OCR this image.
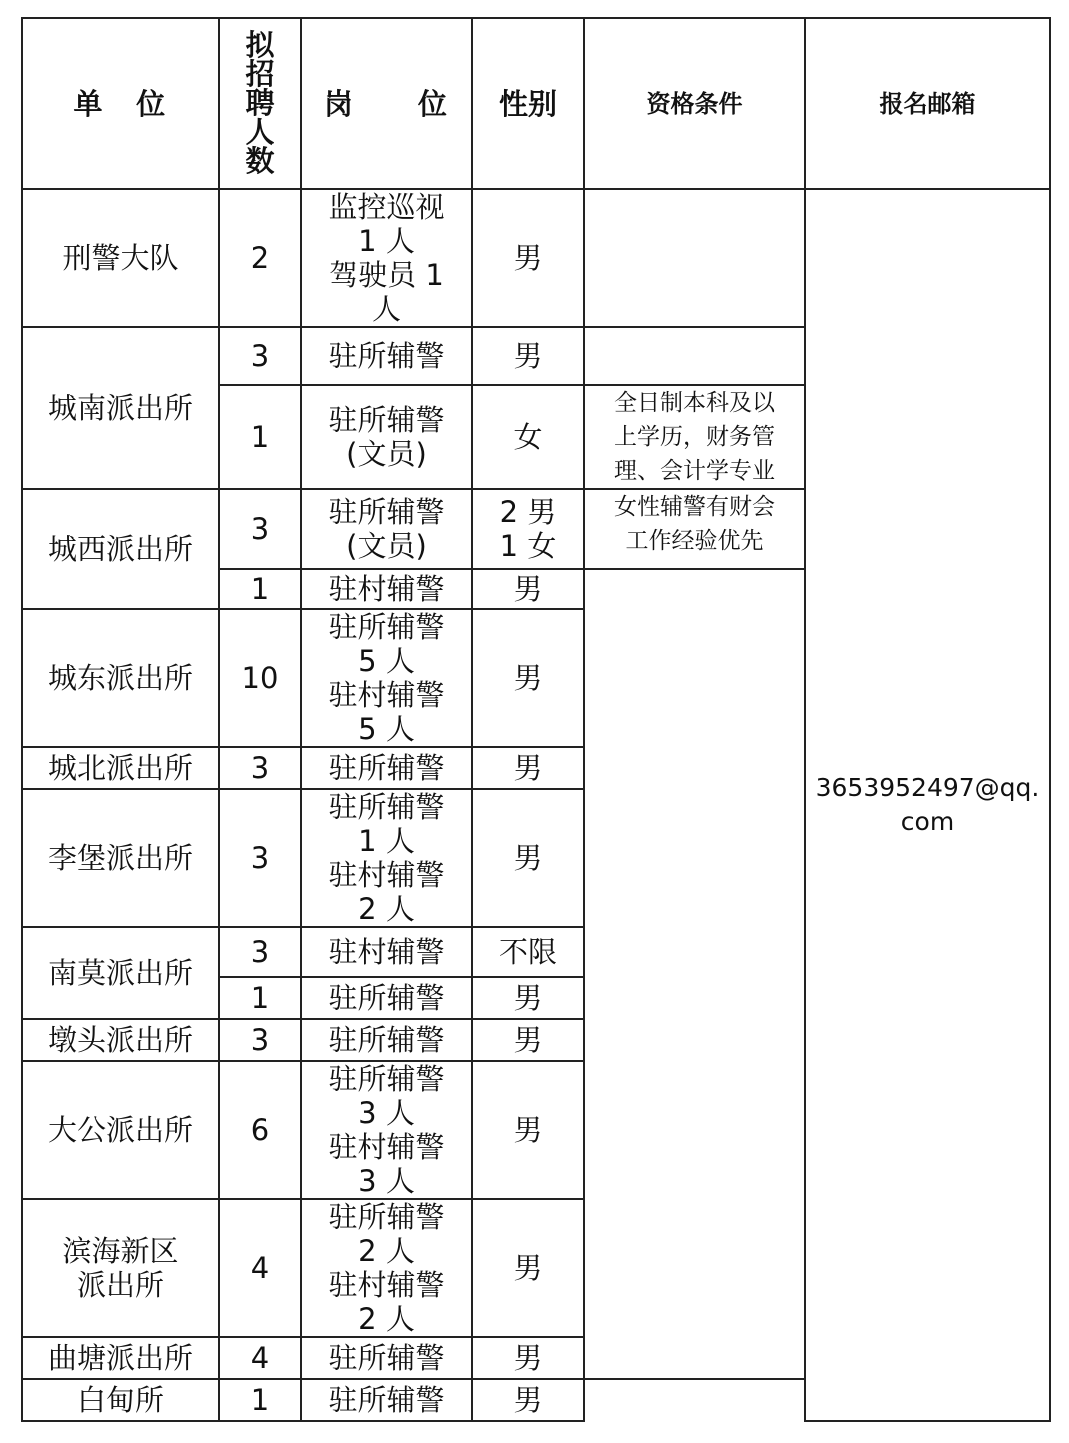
单　位	拟
招
聘
人
数	岗　　位	性别	资格条件	报名邮箱
刑警大队	2	监控巡视
1 人
驾驶员 1
人	男		3653952497@qq.com
城南派出所	3	驻所辅警	男		
	1	驻所辅警
(文员)	女	全日制本科及以
上学历，财务管
理、会计学专业	

城西派出所	3	驻所辅警
(文员)	2 男
1 女	女性辅警有财会
工作经验优先	

	1	驻村辅警	男		
城东派出所	10	驻所辅警
5 人
驻村辅警
5 人	男		
城北派出所	3	驻所辅警	男		
李堡派出所	3	驻所辅警
1 人
驻村辅警
2 人	男		
南莫派出所	3	驻村辅警	不限		
	1	驻所辅警	男		
墩头派出所	3	驻所辅警	男		
大公派出所	6	驻所辅警
3 人
驻村辅警
3 人	男		

滨海新区
派出所	4	驻所辅警
2 人
驻村辅警
2 人	男		
曲塘派出所	4	驻所辅警	男		
白甸所	1	驻所辅警	男		
